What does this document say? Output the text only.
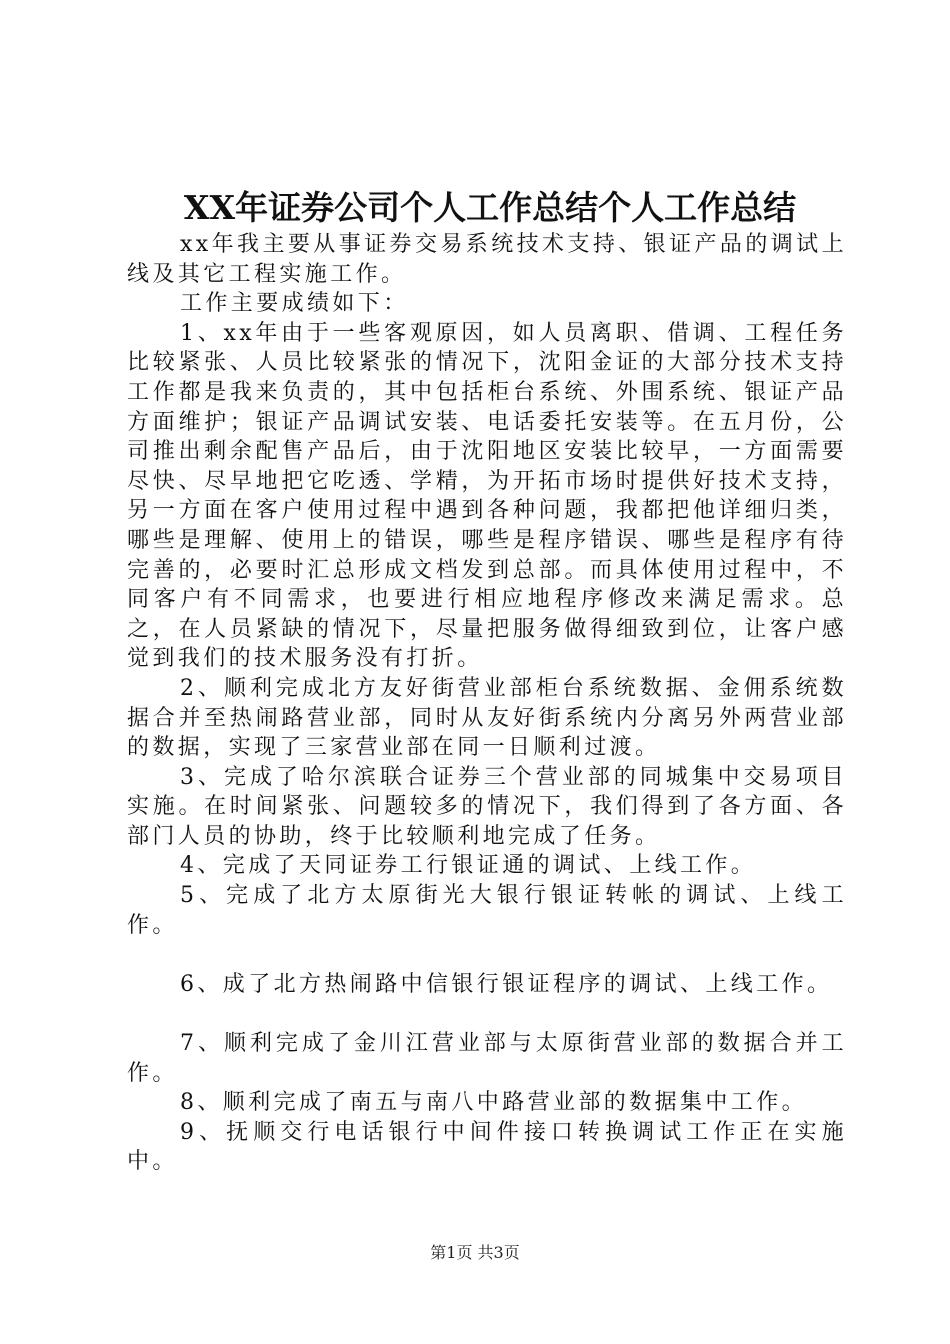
XX年证券公司个人工作总结个人工作总结

xx年我主要从事证券交易系统技术支持、银证产品的调试上线及其它工程实施工作。

工作主要成绩如下：

1、xx年由于一些客观原因，如人员离职、借调、工程任务比较紧张、人员比较紧张的情况下，沈阳金证的大部分技术支持工作都是我来负责的，其中包括柜台系统、外围系统、银证产品方面维护；银证产品调试安装、电话委托安装等。在五月份，公司推出剩余配售产品后，由于沈阳地区安装比较早，一方面需要尽快、尽早地把它吃透、学精，为开拓市场时提供好技术支持，另一方面在客户使用过程中遇到各种问题，我都把他详细归类，哪些是理解、使用上的错误，哪些是程序错误、哪些是程序有待完善的，必要时汇总形成文档发到总部。而具体使用过程中，不同客户有不同需求，也要进行相应地程序修改来满足需求。总之，在人员紧缺的情况下，尽量把服务做得细致到位，让客户感觉到我们的技术服务没有打折。

2、顺利完成北方友好街营业部柜台系统数据、金佣系统数据合并至热闹路营业部，同时从友好街系统内分离另外两营业部的数据，实现了三家营业部在同一日顺利过渡。

3、完成了哈尔滨联合证券三个营业部的同城集中交易项目实施。在时间紧张、问题较多的情况下，我们得到了各方面、各部门人员的协助，终于比较顺利地完成了任务。

4、完成了天同证券工行银证通的调试、上线工作。

5、完成了北方太原街光大银行银证转帐的调试、上线工作。

6、成了北方热闹路中信银行银证程序的调试、上线工作。

7、顺利完成了金川江营业部与太原街营业部的数据合并工作。

8、顺利完成了南五与南八中路营业部的数据集中工作。

9、抚顺交行电话银行中间件接口转换调试工作正在实施中。

第1页 共3页
